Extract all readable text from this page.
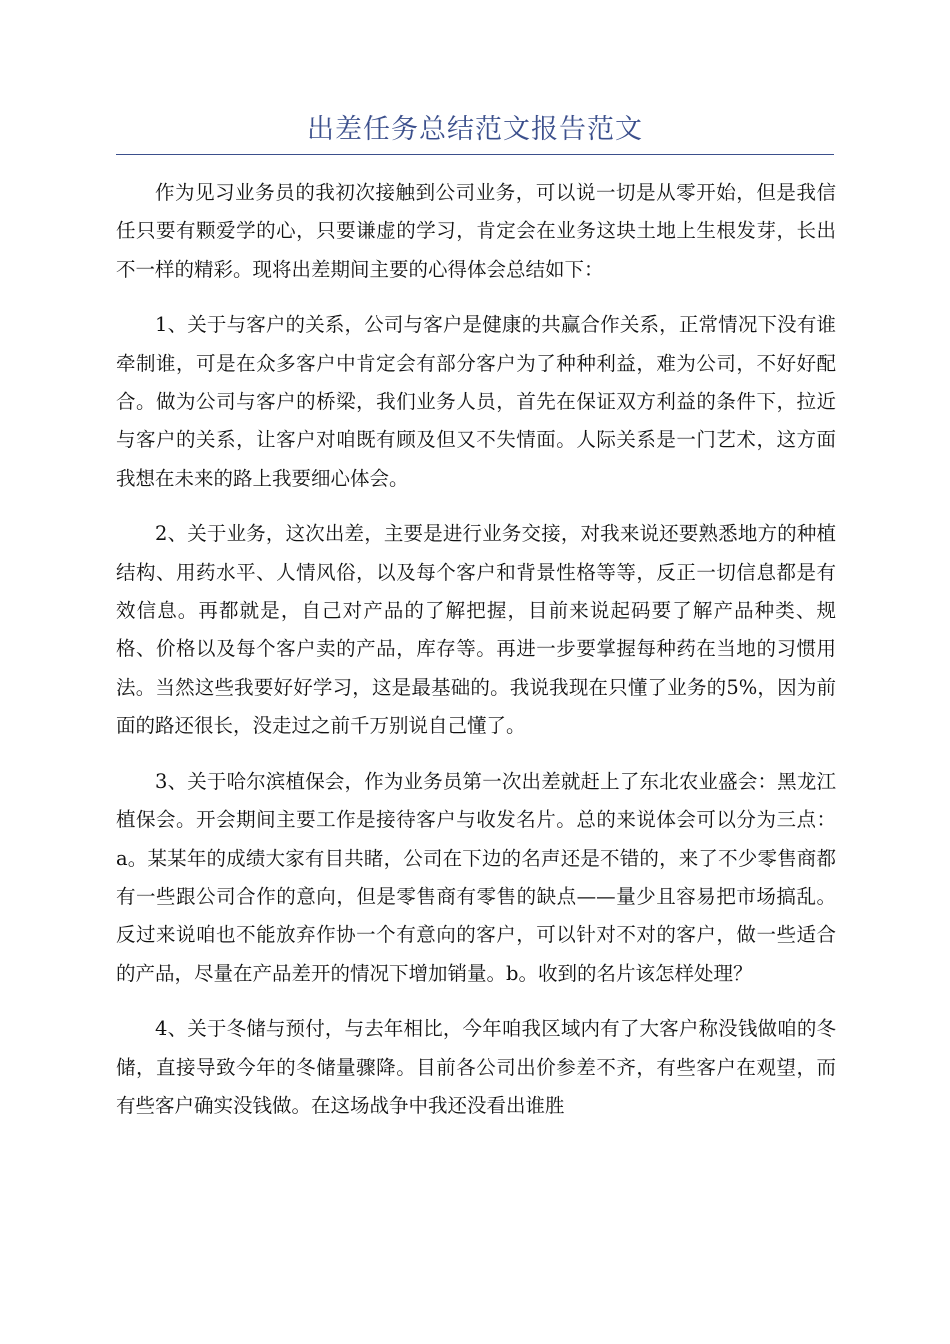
出差任务总结范文报告范文

作为见习业务员的我初次接触到公司业务，可以说一切是从零开始，但是我信任只要有颗爱学的心，只要谦虚的学习，肯定会在业务这块土地上生根发芽，长出不一样的精彩。现将出差期间主要的心得体会总结如下：

1、关于与客户的关系，公司与客户是健康的共赢合作关系，正常情况下没有谁牵制谁，可是在众多客户中肯定会有部分客户为了种种利益，难为公司，不好好配合。做为公司与客户的桥梁，我们业务人员，首先在保证双方利益的条件下，拉近与客户的关系，让客户对咱既有顾及但又不失情面。人际关系是一门艺术，这方面我想在未来的路上我要细心体会。

2、关于业务，这次出差，主要是进行业务交接，对我来说还要熟悉地方的种植结构、用药水平、人情风俗，以及每个客户和背景性格等等，反正一切信息都是有效信息。再都就是，自己对产品的了解把握，目前来说起码要了解产品种类、规格、价格以及每个客户卖的产品，库存等。再进一步要掌握每种药在当地的习惯用法。当然这些我要好好学习，这是最基础的。我说我现在只懂了业务的5%，因为前面的路还很长，没走过之前千万别说自己懂了。

3、关于哈尔滨植保会，作为业务员第一次出差就赶上了东北农业盛会：黑龙江植保会。开会期间主要工作是接待客户与收发名片。总的来说体会可以分为三点：a。某某年的成绩大家有目共睹，公司在下边的名声还是不错的，来了不少零售商都有一些跟公司合作的意向，但是零售商有零售的缺点——量少且容易把市场搞乱。反过来说咱也不能放弃作协一个有意向的客户，可以针对不对的客户，做一些适合的产品，尽量在产品差开的情况下增加销量。b。收到的名片该怎样处理？

4、关于冬储与预付，与去年相比，今年咱我区域内有了大客户称没钱做咱的冬储，直接导致今年的冬储量骤降。目前各公司出价参差不齐，有些客户在观望，而有些客户确实没钱做。在这场战争中我还没看出谁胜
